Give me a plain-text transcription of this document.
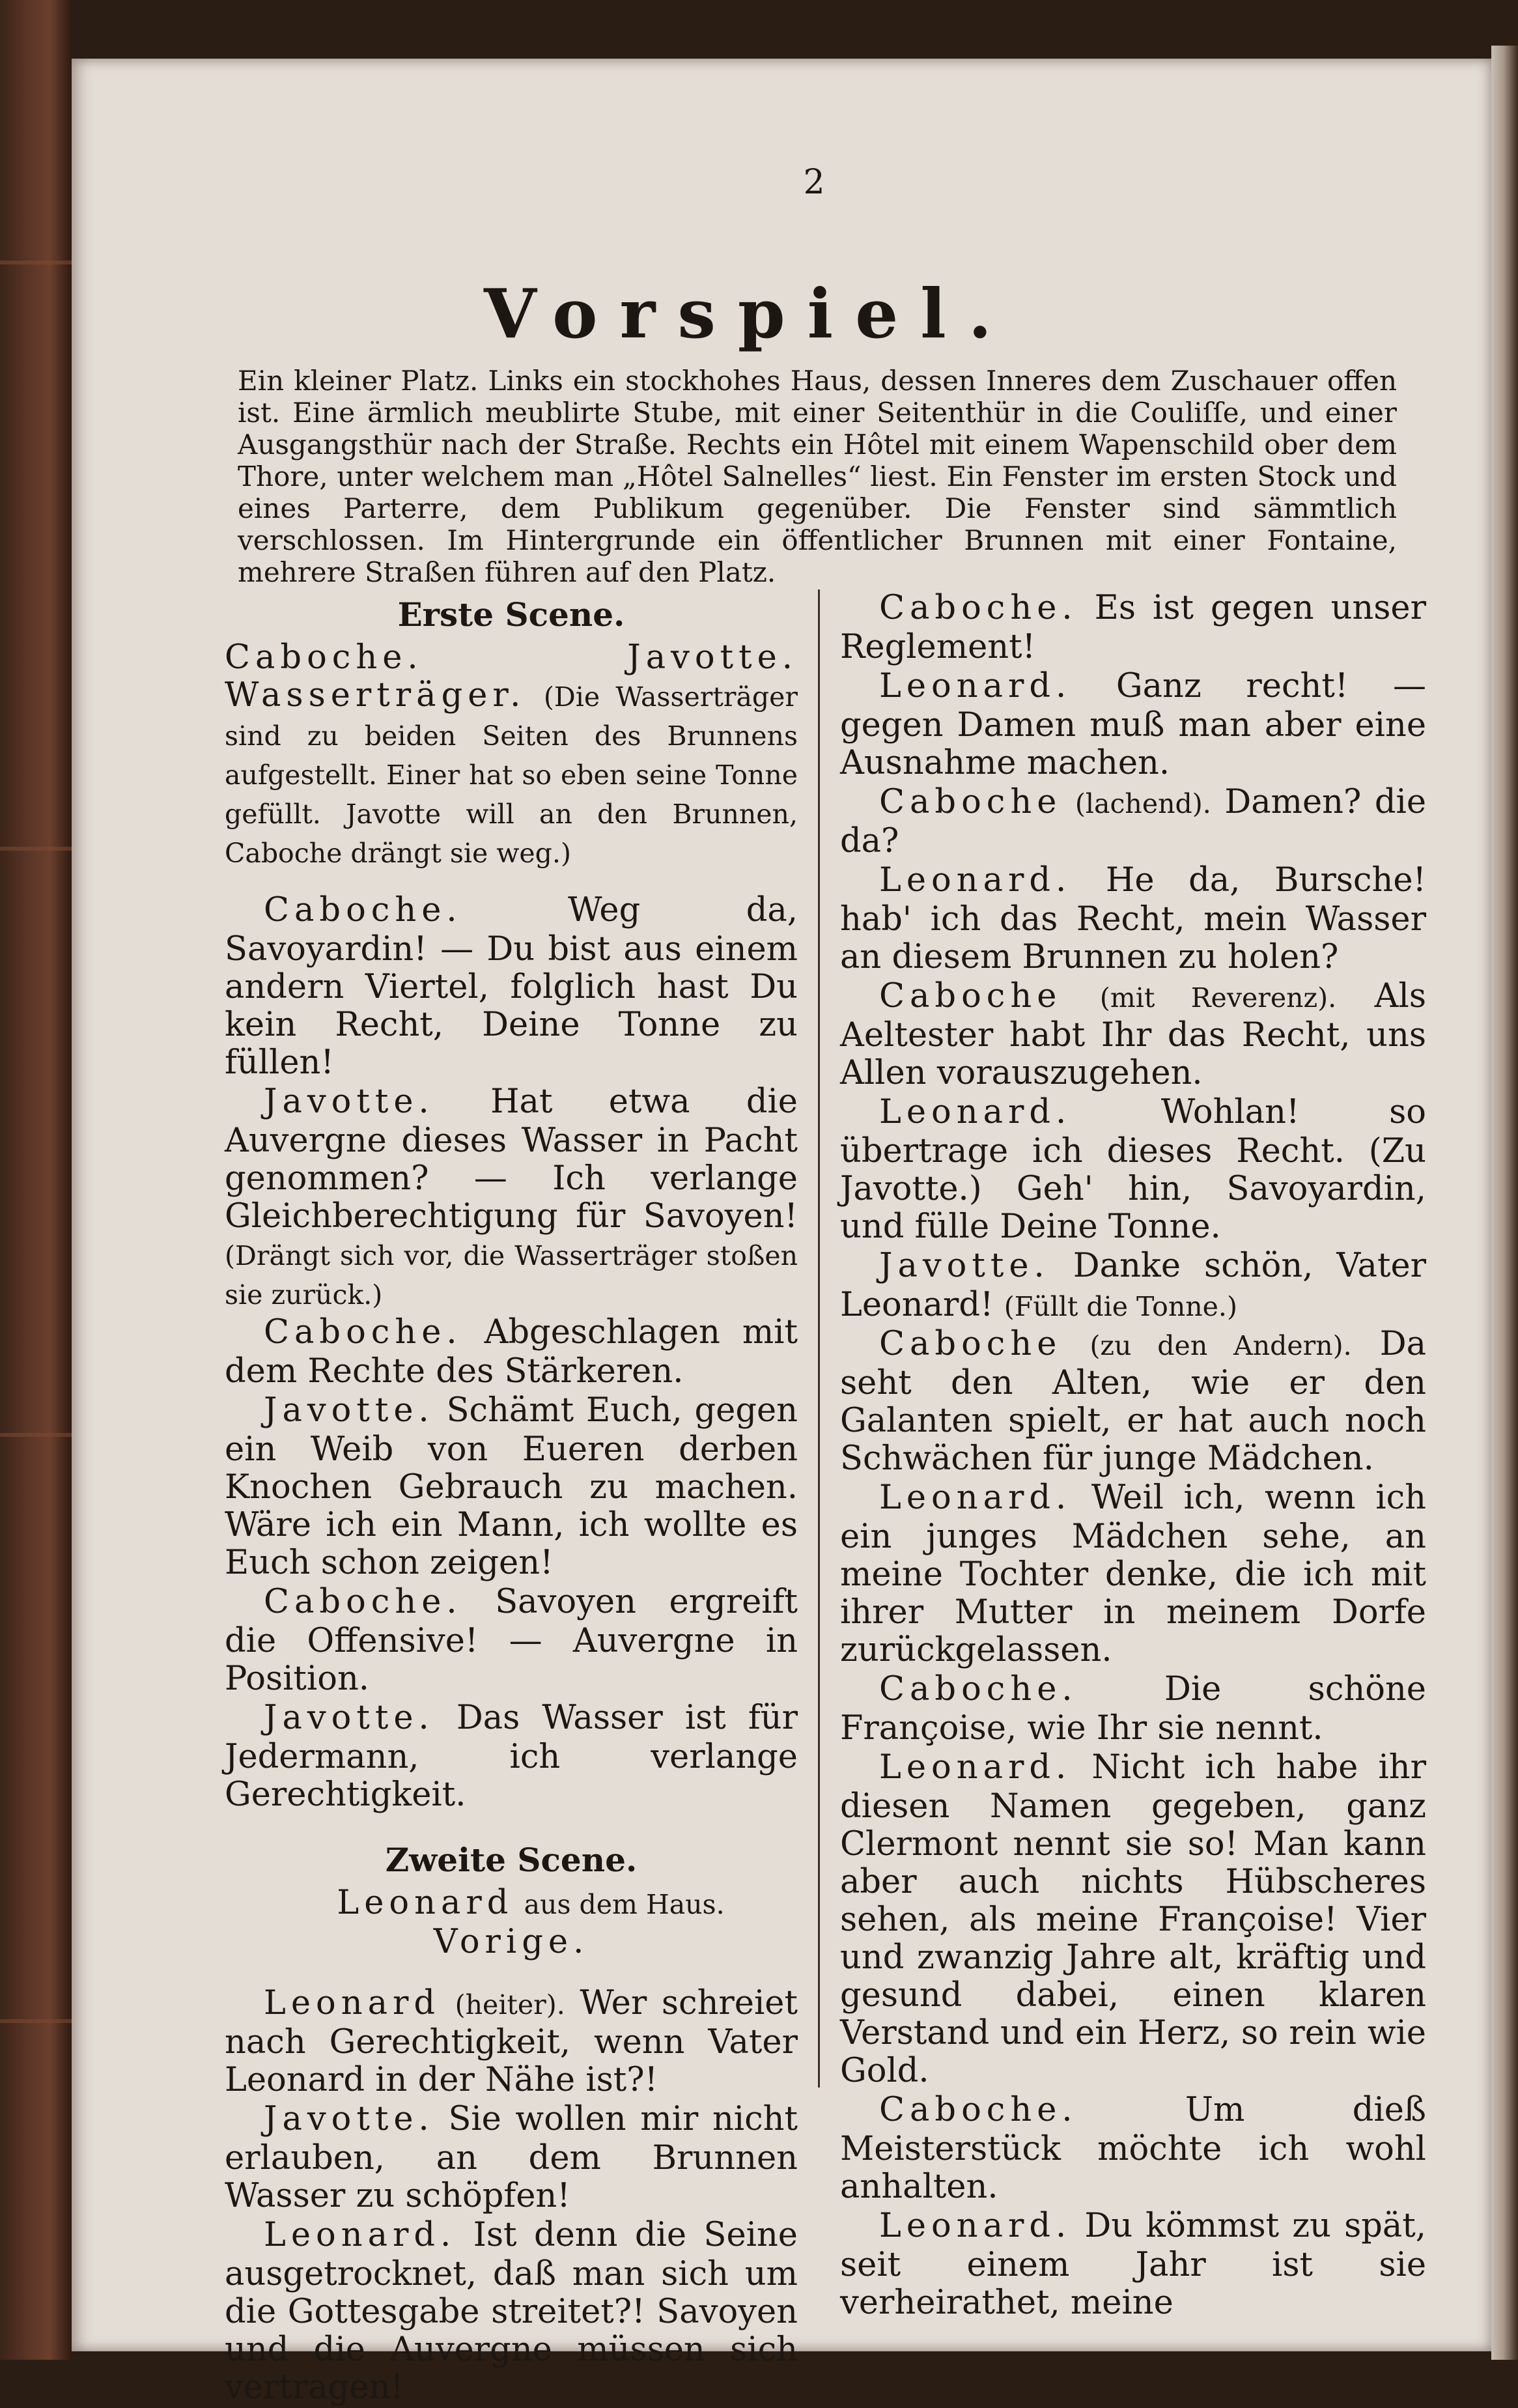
2
Vorspiel.
Ein kleiner Platz. Links ein stockhohes Haus, dessen Inneres dem Zuschauer offen ist. Eine ärmlich meublirte Stube, mit einer Seitenthür in die Couliſſe, und einer Ausgangsthür nach der Straße. Rechts ein Hôtel mit einem Wapenschild ober dem Thore, unter welchem man „Hôtel Salnelles“ liest. Ein Fenster im ersten Stock und eines Parterre, dem Publikum gegenüber. Die Fenster sind sämmtlich verschlossen. Im Hintergrunde ein öffentlicher Brunnen mit einer Fontaine, mehrere Straßen führen auf den Platz.
Erste Scene.

Caboche. Javotte. Wasserträger. (Die Wasserträger sind zu beiden Seiten des Brunnens aufgestellt. Einer hat so eben seine Tonne gefüllt. Javotte will an den Brunnen, Caboche drängt sie weg.)

Caboche.	Weg da, Savoyardin! — Du bist aus einem andern Viertel, folglich hast Du kein Recht, Deine Tonne zu füllen!

Javotte. Hat etwa die Auvergne dieses Wasser in Pacht genommen? — Ich verlange Gleichberechtigung für Savoyen! (Drängt sich vor, die Wasserträger stoßen sie zurück.)

Caboche. Abgeschlagen mit dem Rechte des Stärkeren.

Javotte. Schämt Euch, gegen ein Weib von Eueren derben Knochen Gebrauch zu machen. Wäre ich ein Mann, ich wollte es Euch schon zeigen!

Caboche. Savoyen ergreift die Offensive! — Auvergne in Position.

Javotte. Das Wasser ist für Jedermann, ich verlange Gerechtigkeit.

Zweite Scene.

Leonard aus dem Haus. Vorige.

Leonard (heiter). Wer schreiet nach Gerechtigkeit, wenn Vater Leonard in der Nähe ist?!

Javotte. Sie wollen mir nicht erlauben, an dem Brunnen Wasser zu schöpfen!

Leonard. Ist denn die Seine ausgetrocknet, daß man sich um die Gottesgabe streitet?! Savoyen und die Auvergne müssen sich vertragen!

Caboche. Es ist gegen unser Reglement!

Leonard. Ganz recht! — gegen Damen muß man aber eine Ausnahme machen.

Caboche (lachend). Damen? die da?

Leonard. He da, Bursche! hab' ich das Recht, mein Wasser an diesem Brunnen zu holen?

Caboche (mit Reverenz). Als Aeltester habt Ihr das Recht, uns Allen vorauszugehen.

Leonard.	Wohlan! so übertrage ich dieses Recht. (Zu Javotte.) Geh' hin, Savoyardin, und fülle Deine Tonne.

Javotte. Danke schön, Vater Leonard! (Füllt die Tonne.)

Caboche (zu den Andern). Da seht den Alten, wie er den Galanten spielt, er hat auch noch Schwächen für junge Mädchen.

Leonard. Weil ich, wenn ich ein junges Mädchen sehe, an meine Tochter denke, die ich mit ihrer Mutter in meinem Dorfe zurückgelassen.

Caboche.	Die schöne Françoise, wie Ihr sie nennt.

Leonard. Nicht ich habe ihr diesen Namen gegeben, ganz Clermont nennt sie so! Man kann aber auch nichts Hübscheres sehen, als meine Françoise! Vier und zwanzig Jahre alt, kräftig und gesund dabei, einen klaren Verstand und ein Herz, so rein wie Gold.

Caboche.	Um dieß Meisterstück möchte ich wohl anhalten.

Leonard. Du kömmst zu spät, seit einem Jahr ist sie verheirathet, meine
